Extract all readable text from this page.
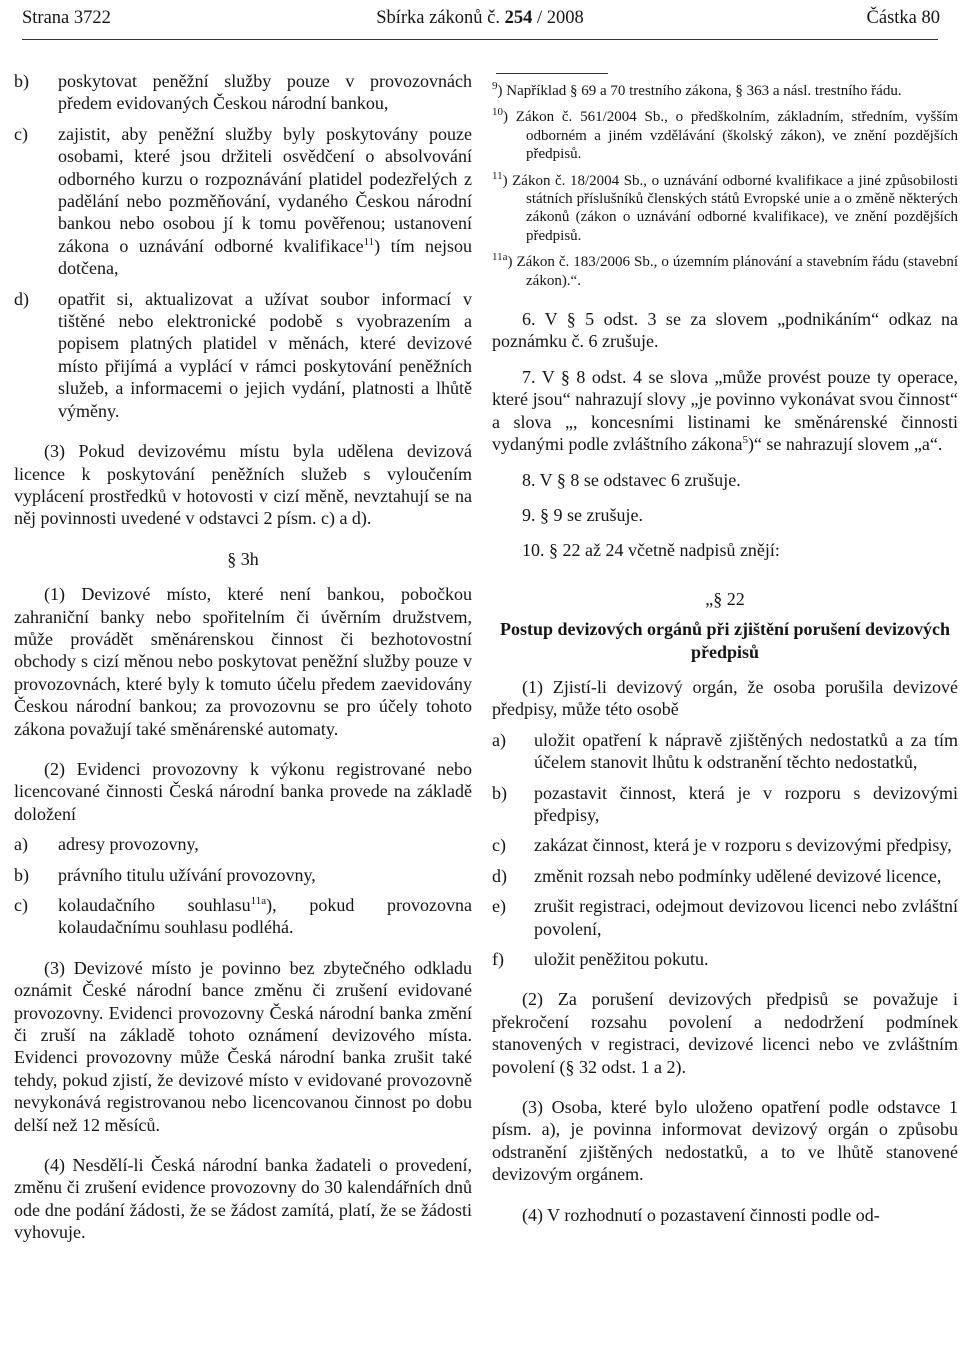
Strana 3722	Sbírka zákonů č. 254 / 2008	Částka 80

b) poskytovat peněžní služby pouze v provozovnách předem evidovaných Českou národní bankou,

c) zajistit, aby peněžní služby byly poskytovány pouze osobami, které jsou držiteli osvědčení o absolvování odborného kurzu o rozpoznávání platidel podezřelých z padělání nebo pozměňování, vydaného Českou národní bankou nebo osobou jí k tomu pověřenou; ustanovení zákona o uznávání odborné kvalifikace$^{11}$) tím nejsou dotčena,

d) opatřit si, aktualizovat a užívat soubor informací v tištěné nebo elektronické podobě s vyobrazením a popisem platných platidel v měnách, které devizové místo přijímá a vyplácí v rámci poskytování peněžních služeb, a informacemi o jejich vydání, platnosti a lhůtě výměny.

(3) Pokud devizovému místu byla udělena devizová licence k poskytování peněžních služeb s vyloučením vyplácení prostředků v hotovosti v cizí měně, nevztahují se na něj povinnosti uvedené v odstavci 2 písm. c) a d).

§ 3h

(1) Devizové místo, které není bankou, pobočkou zahraniční banky nebo spořitelním či úvěrním družstvem, může provádět směnárenskou činnost či bezhotovostní obchody s cizí měnou nebo poskytovat peněžní služby pouze v provozovnách, které byly k tomuto účelu předem zaevidovány Českou národní bankou; za provozovnu se pro účely tohoto zákona považují také směnárenské automaty.

(2) Evidenci provozovny k výkonu registrované nebo licencované činnosti Česká národní banka provede na základě doložení

a) adresy provozovny,

b) právního titulu užívání provozovny,

c) kolaudačního souhlasu$^{11a}$), pokud provozovna kolaudačnímu souhlasu podléhá.

(3) Devizové místo je povinno bez zbytečného odkladu oznámit České národní bance změnu či zrušení evidované provozovny. Evidenci provozovny Česká národní banka změní či zruší na základě tohoto oznámení devizového místa. Evidenci provozovny může Česká národní banka zrušit také tehdy, pokud zjistí, že devizové místo v evidované provozovně nevykonává registrovanou nebo licencovanou činnost po dobu delší než 12 měsíců.

(4) Nesdělí-li Česká národní banka žadateli o provedení, změnu či zrušení evidence provozovny do 30 kalendářních dnů ode dne podání žádosti, že se žádost zamítá, platí, že se žádosti vyhovuje.

$^9$) Například § 69 a 70 trestního zákona, § 363 a násl. trestního řádu.

$^{10}$) Zákon č. 561/2004 Sb., o předškolním, základním, středním, vyšším odborném a jiném vzdělávání (školský zákon), ve znění pozdějších předpisů.

$^{11}$) Zákon č. 18/2004 Sb., o uznávání odborné kvalifikace a jiné způsobilosti státních příslušníků členských států Evropské unie a o změně některých zákonů (zákon o uznávání odborné kvalifikace), ve znění pozdějších předpisů.

$^{11a}$) Zákon č. 183/2006 Sb., o územním plánování a stavebním řádu (stavební zákon).“.

6. V § 5 odst. 3 se za slovem „podnikáním“ odkaz na poznámku č. 6 zrušuje.

7. V § 8 odst. 4 se slova „může provést pouze ty operace, které jsou“ nahrazují slovy „je povinno vykonávat svou činnost“ a slova „, koncesními listinami ke směnárenské činnosti vydanými podle zvláštního zákona$^5$)“ se nahrazují slovem „a“.

8. V § 8 se odstavec 6 zrušuje.

9. § 9 se zrušuje.

10. § 22 až 24 včetně nadpisů znějí:

„§ 22

Postup devizových orgánů při zjištění porušení devizových předpisů

(1) Zjistí-li devizový orgán, že osoba porušila devizové předpisy, může této osobě

a) uložit opatření k nápravě zjištěných nedostatků a za tím účelem stanovit lhůtu k odstranění těchto nedostatků,

b) pozastavit činnost, která je v rozporu s devizovými předpisy,

c) zakázat činnost, která je v rozporu s devizovými předpisy,

d) změnit rozsah nebo podmínky udělené devizové licence,

e) zrušit registraci, odejmout devizovou licenci nebo zvláštní povolení,

f) uložit peněžitou pokutu.

(2) Za porušení devizových předpisů se považuje i překročení rozsahu povolení a nedodržení podmínek stanovených v registraci, devizové licenci nebo ve zvláštním povolení (§ 32 odst. 1 a 2).

(3) Osoba, které bylo uloženo opatření podle odstavce 1 písm. a), je povinna informovat devizový orgán o způsobu odstranění zjištěných nedostatků, a to ve lhůtě stanovené devizovým orgánem.

(4) V rozhodnutí o pozastavení činnosti podle od-
